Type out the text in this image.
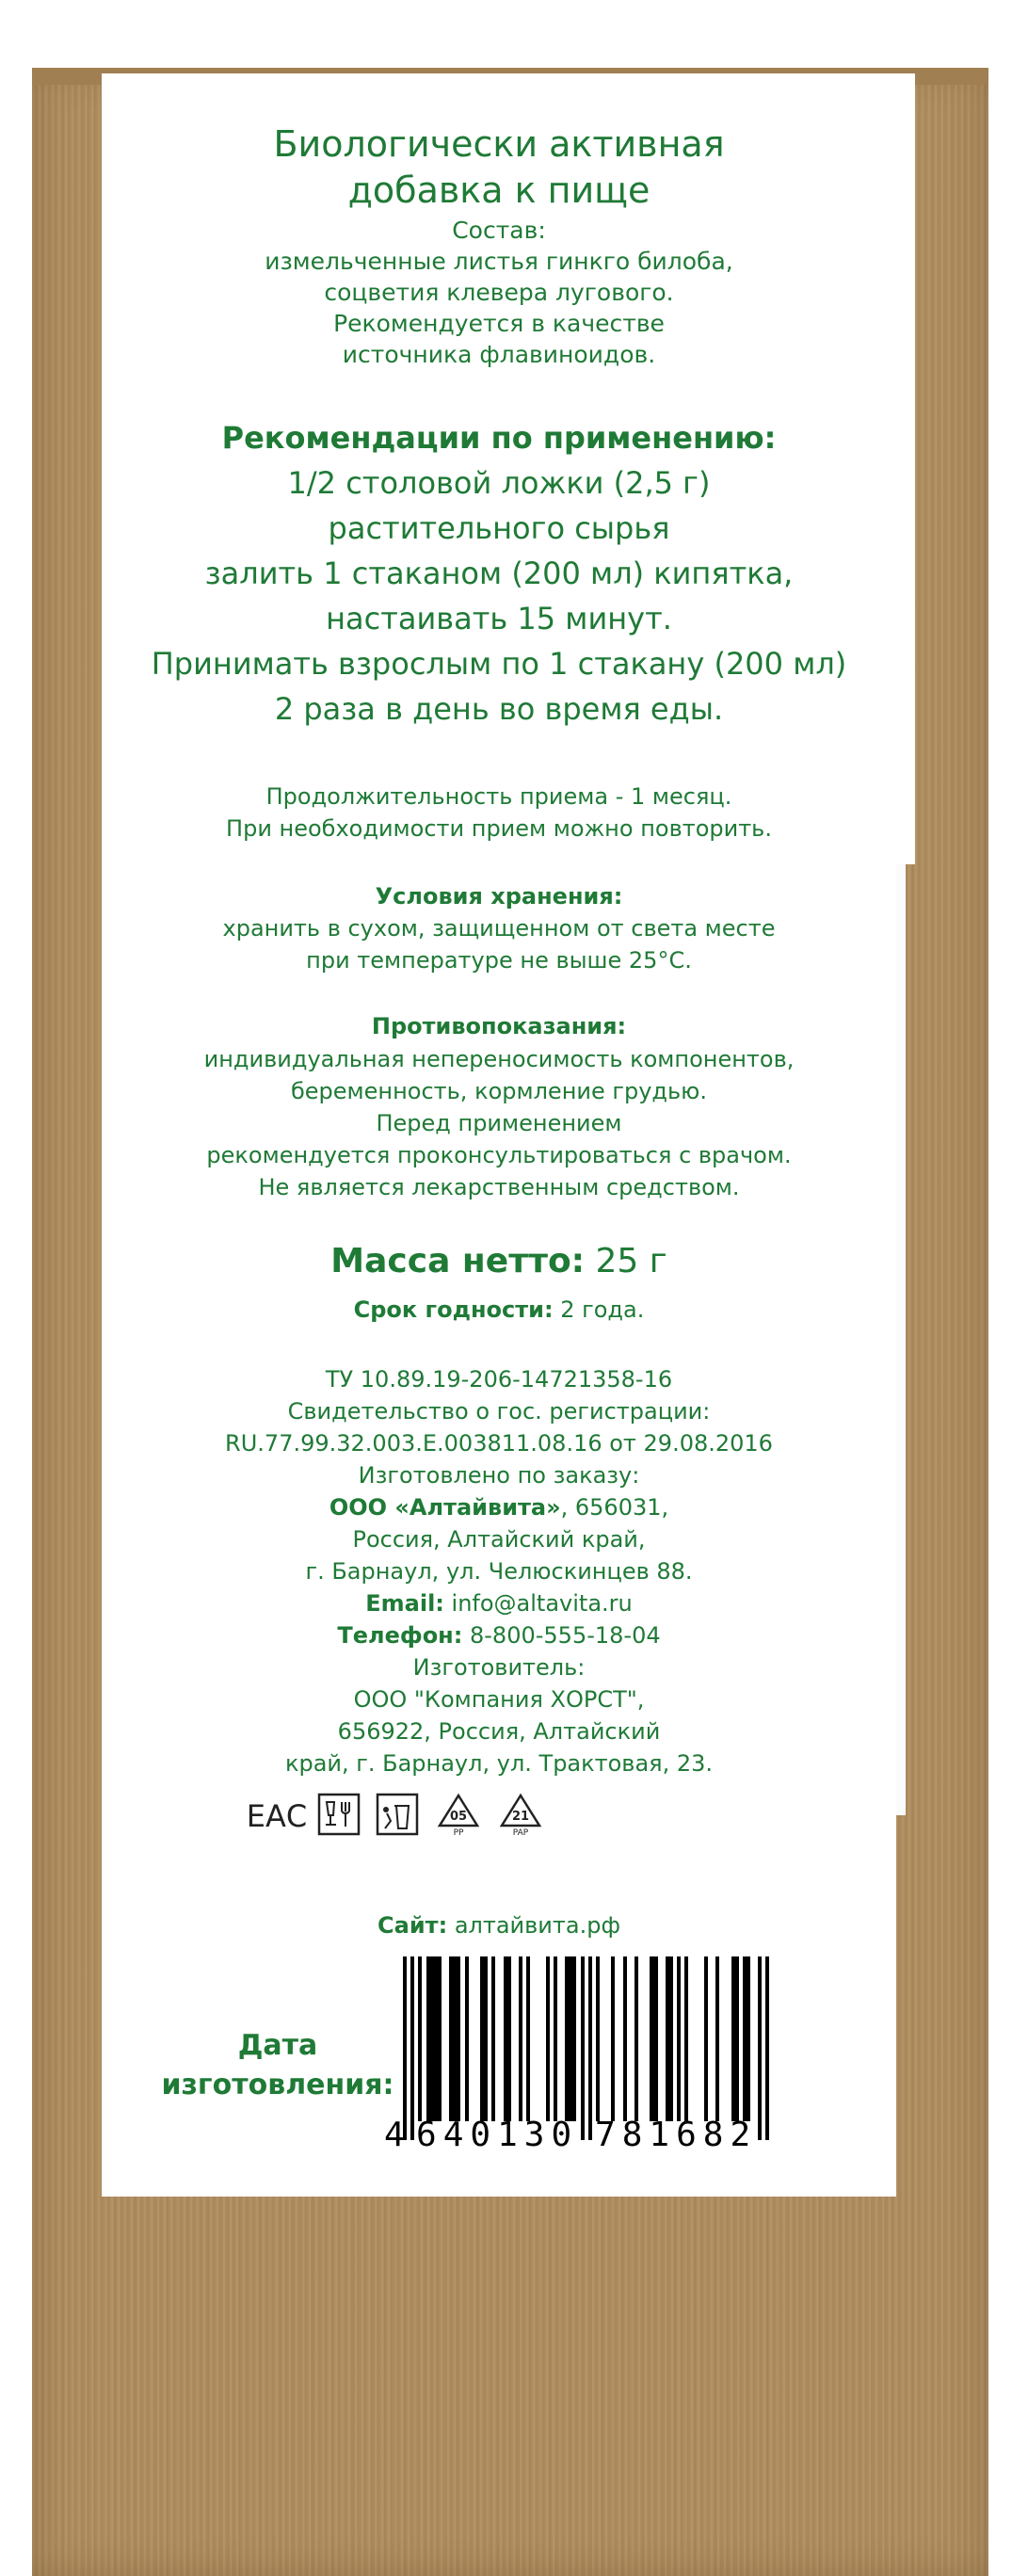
Биологически активная
добавка к пище
Состав:
измельченные листья гинкго билоба,
соцветия клевера лугового.
Рекомендуется в качестве
источника флавиноидов.
Рекомендации по применению:
1/2 столовой ложки (2,5 г)
растительного сырья
залить 1 стаканом (200 мл) кипятка,
настаивать 15 минут.
Принимать взрослым по 1 стакану (200 мл)
2 раза в день во время еды.
Продолжительность приема - 1 месяц.
При необходимости прием можно повторить.
Условия хранения:
хранить в сухом, защищенном от света месте
при температуре не выше 25°C.
Противопоказания:
индивидуальная непереносимость компонентов,
беременность, кормление грудью.
Перед применением
рекомендуется проконсультироваться с врачом.
Не является лекарственным средством.
Масса нетто: 25 г
Срок годности: 2 года.
ТУ 10.89.19-206-14721358-16
Свидетельство о гос. регистрации:
RU.77.99.32.003.Е.003811.08.16 от 29.08.2016
Изготовлено по заказу:
ООО «Алтайвита», 656031,
Россия, Алтайский край,
г. Барнаул, ул. Челюскинцев 88.
Email: info@altavita.ru
Телефон: 8-800-555-18-04
Изготовитель:
ООО "Компания ХОРСТ",
656922, Россия, Алтайский
край, г. Барнаул, ул. Трактовая, 23.
Сайт: алтайвита.рф
Дата
изготовления:
ЕАС	05
PP
21
PAP
4 6 4 0 1 3 0 7 8 1 6 8 2
